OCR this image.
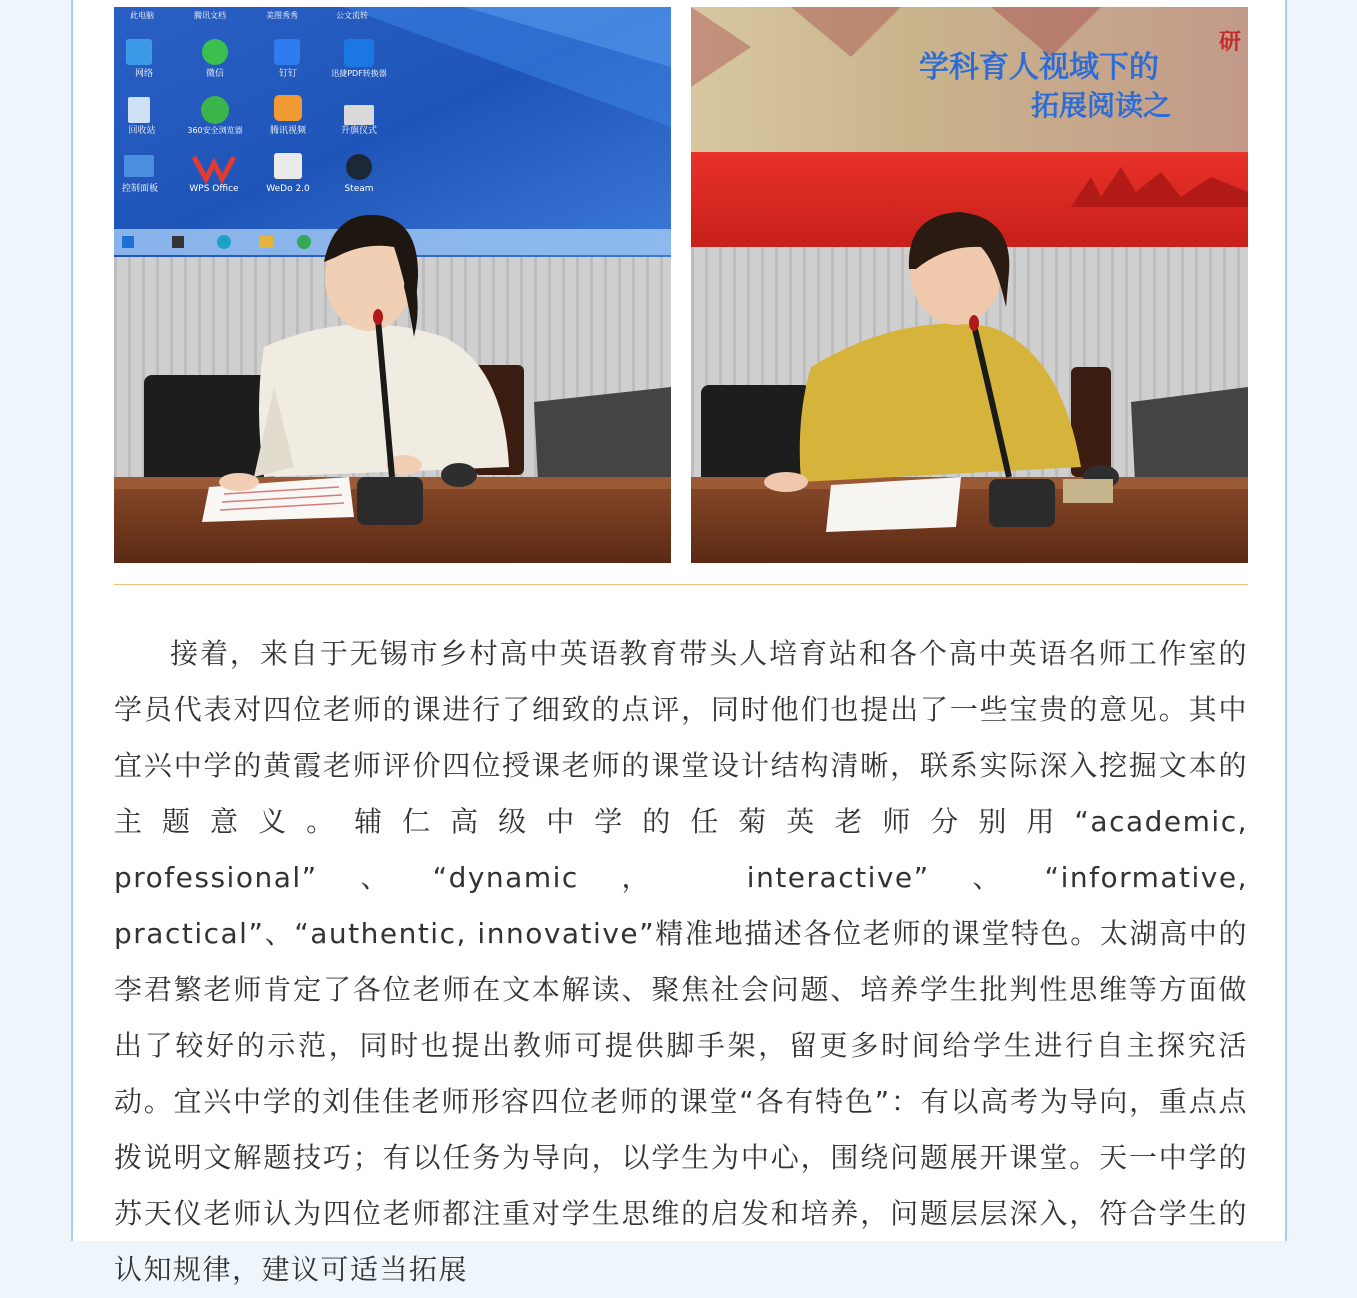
此电脑	腾讯文档	美图秀秀	公文流转
网络	微信	钉钉	迅捷PDF转换器
回收站	360安全浏览器	腾讯视频	升旗仪式
控制面板	WPS Office	WeDo 2.0	Steam
学科育人视域下的
拓展阅读之
研

接着，来自于无锡市乡村高中英语教育带头人培育站和各个高中英语名师工作室的学员代表对四位老师的课进行了细致的点评，同时他们也提出了一些宝贵的意见。其中宜兴中学的黄霞老师评价四位授课老师的课堂设计结构清晰，联系实际深入挖掘文本的主题意义。辅仁高级中学的任菊英老师分别用“academic, professional”、“dynamic， interactive”、“informative, practical”、“authentic, innovative”精准地描述各位老师的课堂特色。太湖高中的李君繁老师肯定了各位老师在文本解读、聚焦社会问题、培养学生批判性思维等方面做出了较好的示范，同时也提出教师可提供脚手架，留更多时间给学生进行自主探究活动。宜兴中学的刘佳佳老师形容四位老师的课堂“各有特色”：有以高考为导向，重点点拨说明文解题技巧；有以任务为导向，以学生为中心，围绕问题展开课堂。天一中学的苏天仪老师认为四位老师都注重对学生思维的启发和培养，问题层层深入，符合学生的认知规律，建议可适当拓展
